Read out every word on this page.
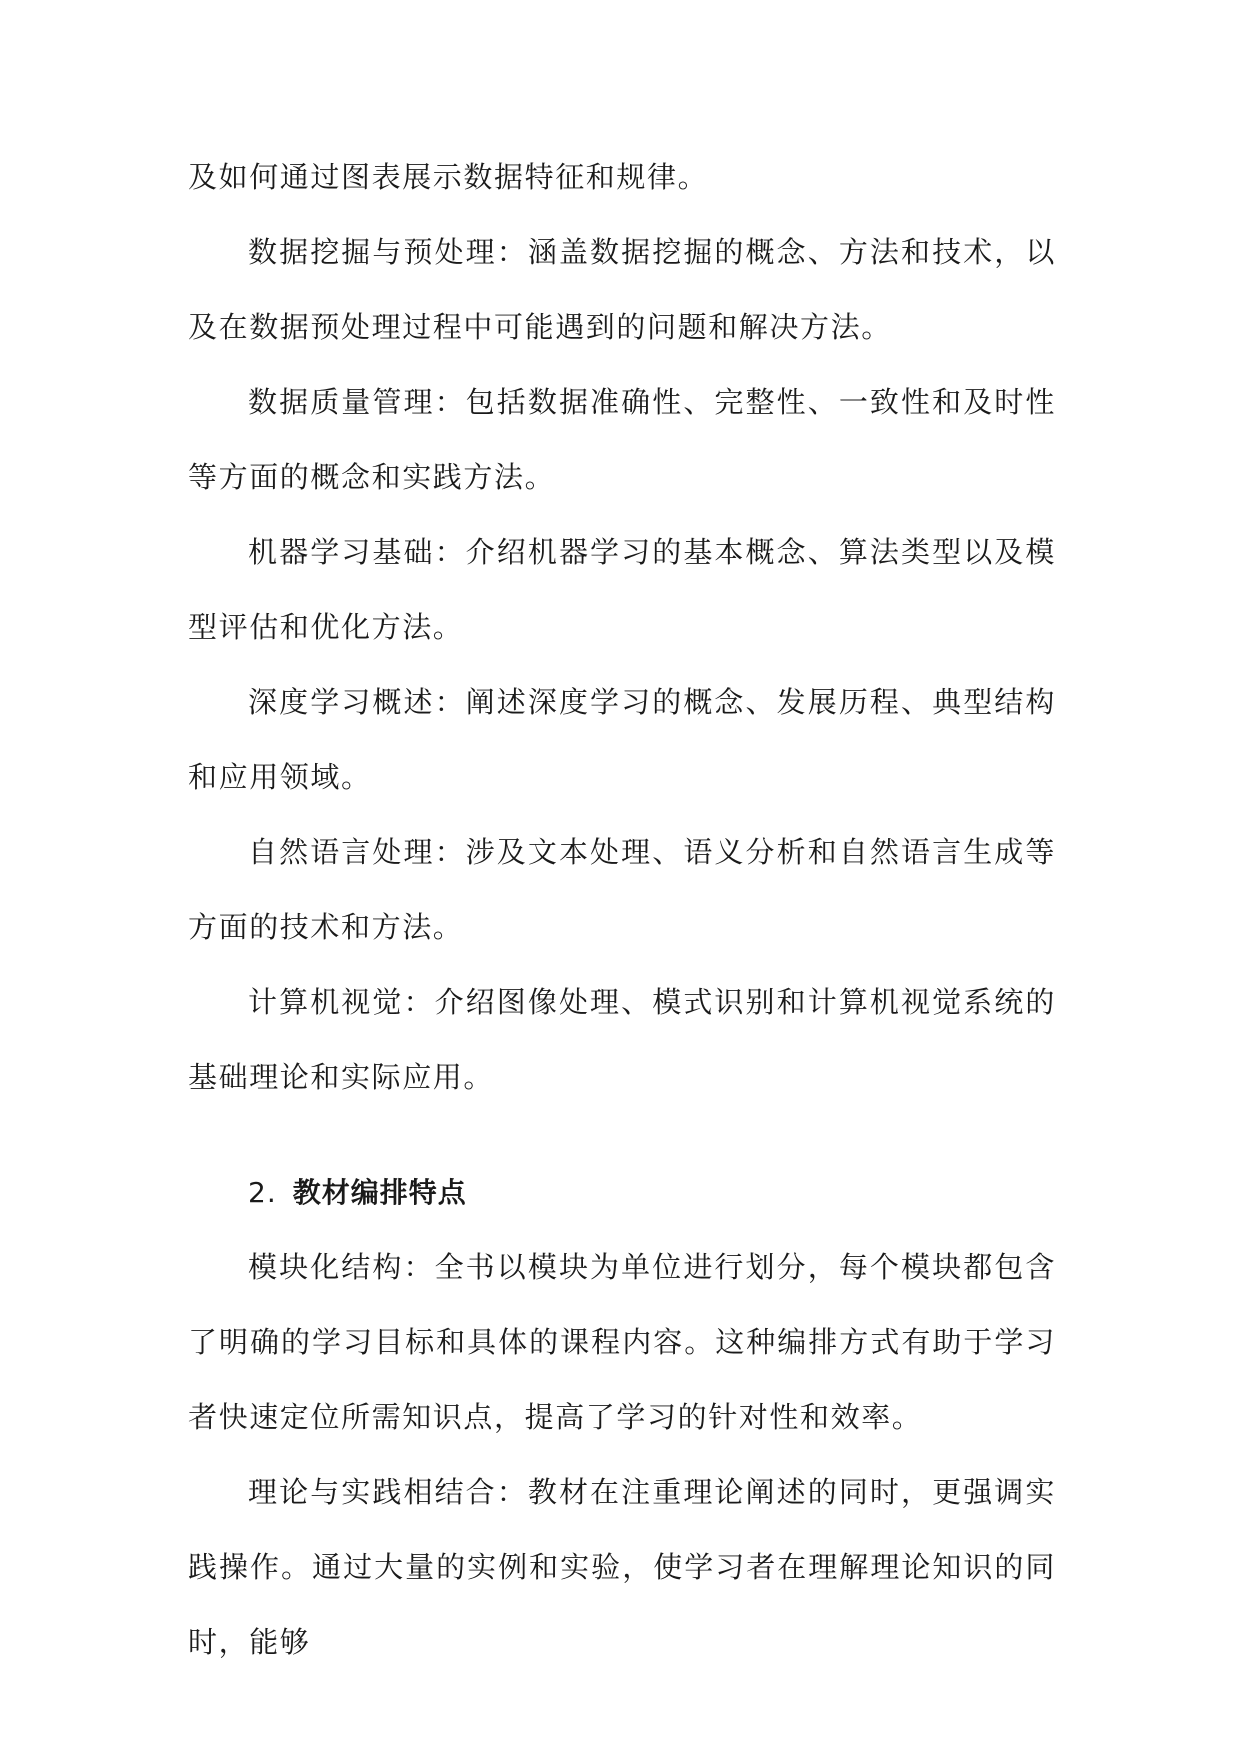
及如何通过图表展示数据特征和规律。

数据挖掘与预处理：涵盖数据挖掘的概念、方法和技术，以及在数据预处理过程中可能遇到的问题和解决方法。

数据质量管理：包括数据准确性、完整性、一致性和及时性等方面的概念和实践方法。

机器学习基础：介绍机器学习的基本概念、算法类型以及模型评估和优化方法。

深度学习概述：阐述深度学习的概念、发展历程、典型结构和应用领域。

自然语言处理：涉及文本处理、语义分析和自然语言生成等方面的技术和方法。

计算机视觉：介绍图像处理、模式识别和计算机视觉系统的基础理论和实际应用。

2. 教材编排特点

模块化结构：全书以模块为单位进行划分，每个模块都包含了明确的学习目标和具体的课程内容。这种编排方式有助于学习者快速定位所需知识点，提高了学习的针对性和效率。

理论与实践相结合：教材在注重理论阐述的同时，更强调实践操作。通过大量的实例和实验，使学习者在理解理论知识的同时，能够
